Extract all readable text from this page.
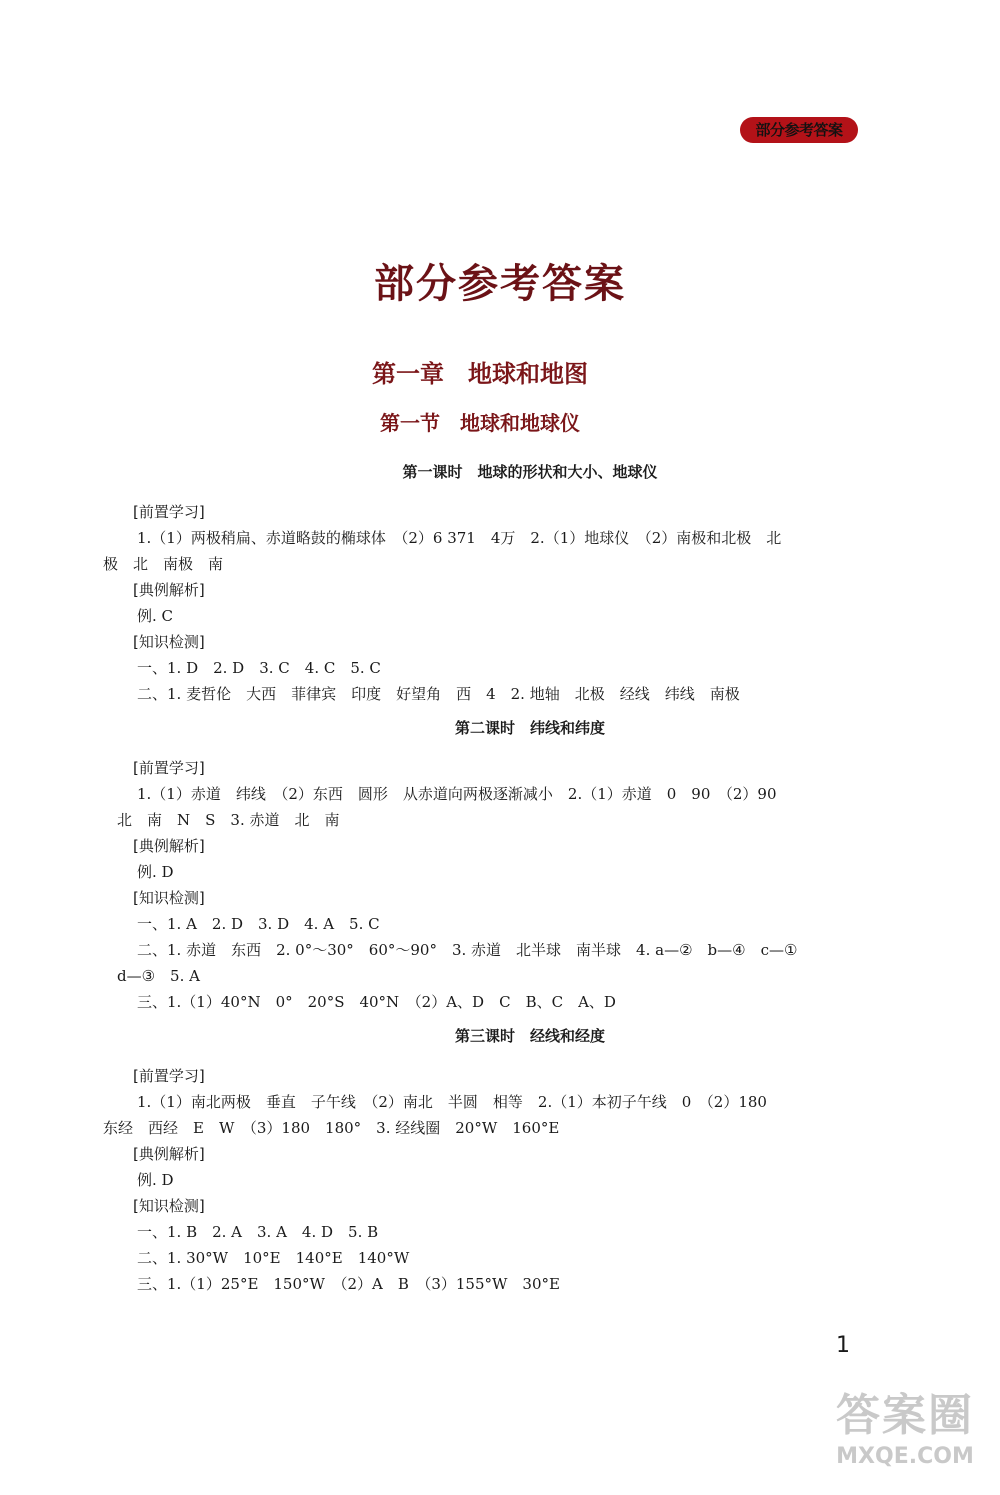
部分参考答案
部分参考答案
第一章　地球和地图
第一节　地球和地球仪
第一课时　地球的形状和大小、地球仪
[前置学习]
1.（1）两极稍扁、赤道略鼓的椭球体　（2）6 371　4万　2.（1）地球仪　（2）南极和北极　北
极　北　南极　南
[典例解析]
例. C
[知识检测]
一、1. D　2. D　3. C　4. C　5. C
二、1. 麦哲伦　大西　菲律宾　印度　好望角　西　4　2. 地轴　北极　经线　纬线　南极
第二课时　纬线和纬度
[前置学习]
1.（1）赤道　纬线　（2）东西　圆形　从赤道向两极逐渐减小　2.（1）赤道　0　90　（2）90
北　南　N　S　3. 赤道　北　南
[典例解析]
例. D
[知识检测]
一、1. A　2. D　3. D　4. A　5. C
二、1. 赤道　东西　2. 0°～30°　60°～90°　3. 赤道　北半球　南半球　4. a—②　b—④　c—①
d—③　5. A
三、1.（1）40°N　0°　20°S　40°N　（2）A、D　C　B、C　A、D
第三课时　经线和经度
[前置学习]
1.（1）南北两极　垂直　子午线　（2）南北　半圆　相等　2.（1）本初子午线　0　（2）180
东经　西经　E　W　（3）180　180°　3. 经线圈　20°W　160°E
[典例解析]
例. D
[知识检测]
一、1. B　2. A　3. A　4. D　5. B
二、1. 30°W　10°E　140°E　140°W
三、1.（1）25°E　150°W　（2）A　B　（3）155°W　30°E
1
答案圈
MXQE.COM
